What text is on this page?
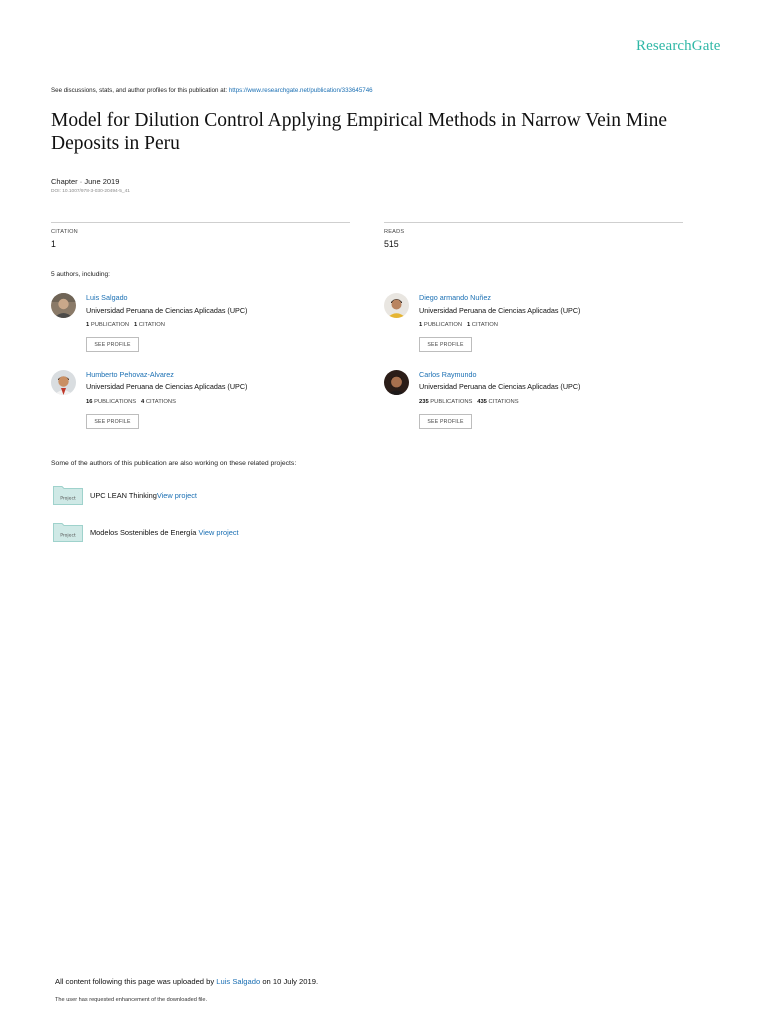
ResearchGate
See discussions, stats, and author profiles for this publication at: https://www.researchgate.net/publication/333645746
Model for Dilution Control Applying Empirical Methods in Narrow Vein Mine Deposits in Peru
Chapter · June 2019
DOI: 10.1007/978-3-030-20494-5_41
CITATION
1
READS
515
5 authors, including:
Luis Salgado
Universidad Peruana de Ciencias Aplicadas (UPC)
1 PUBLICATION 1 CITATION
SEE PROFILE
Diego armando Nuñez
Universidad Peruana de Ciencias Aplicadas (UPC)
1 PUBLICATION 1 CITATION
SEE PROFILE
Humberto Pehovaz-Alvarez
Universidad Peruana de Ciencias Aplicadas (UPC)
16 PUBLICATIONS 4 CITATIONS
SEE PROFILE
Carlos Raymundo
Universidad Peruana de Ciencias Aplicadas (UPC)
235 PUBLICATIONS 435 CITATIONS
SEE PROFILE
Some of the authors of this publication are also working on these related projects:
Project UPC LEAN ThinkingView project
Project Modelos Sostenibles de Energía View project
All content following this page was uploaded by Luis Salgado on 10 July 2019.
The user has requested enhancement of the downloaded file.
